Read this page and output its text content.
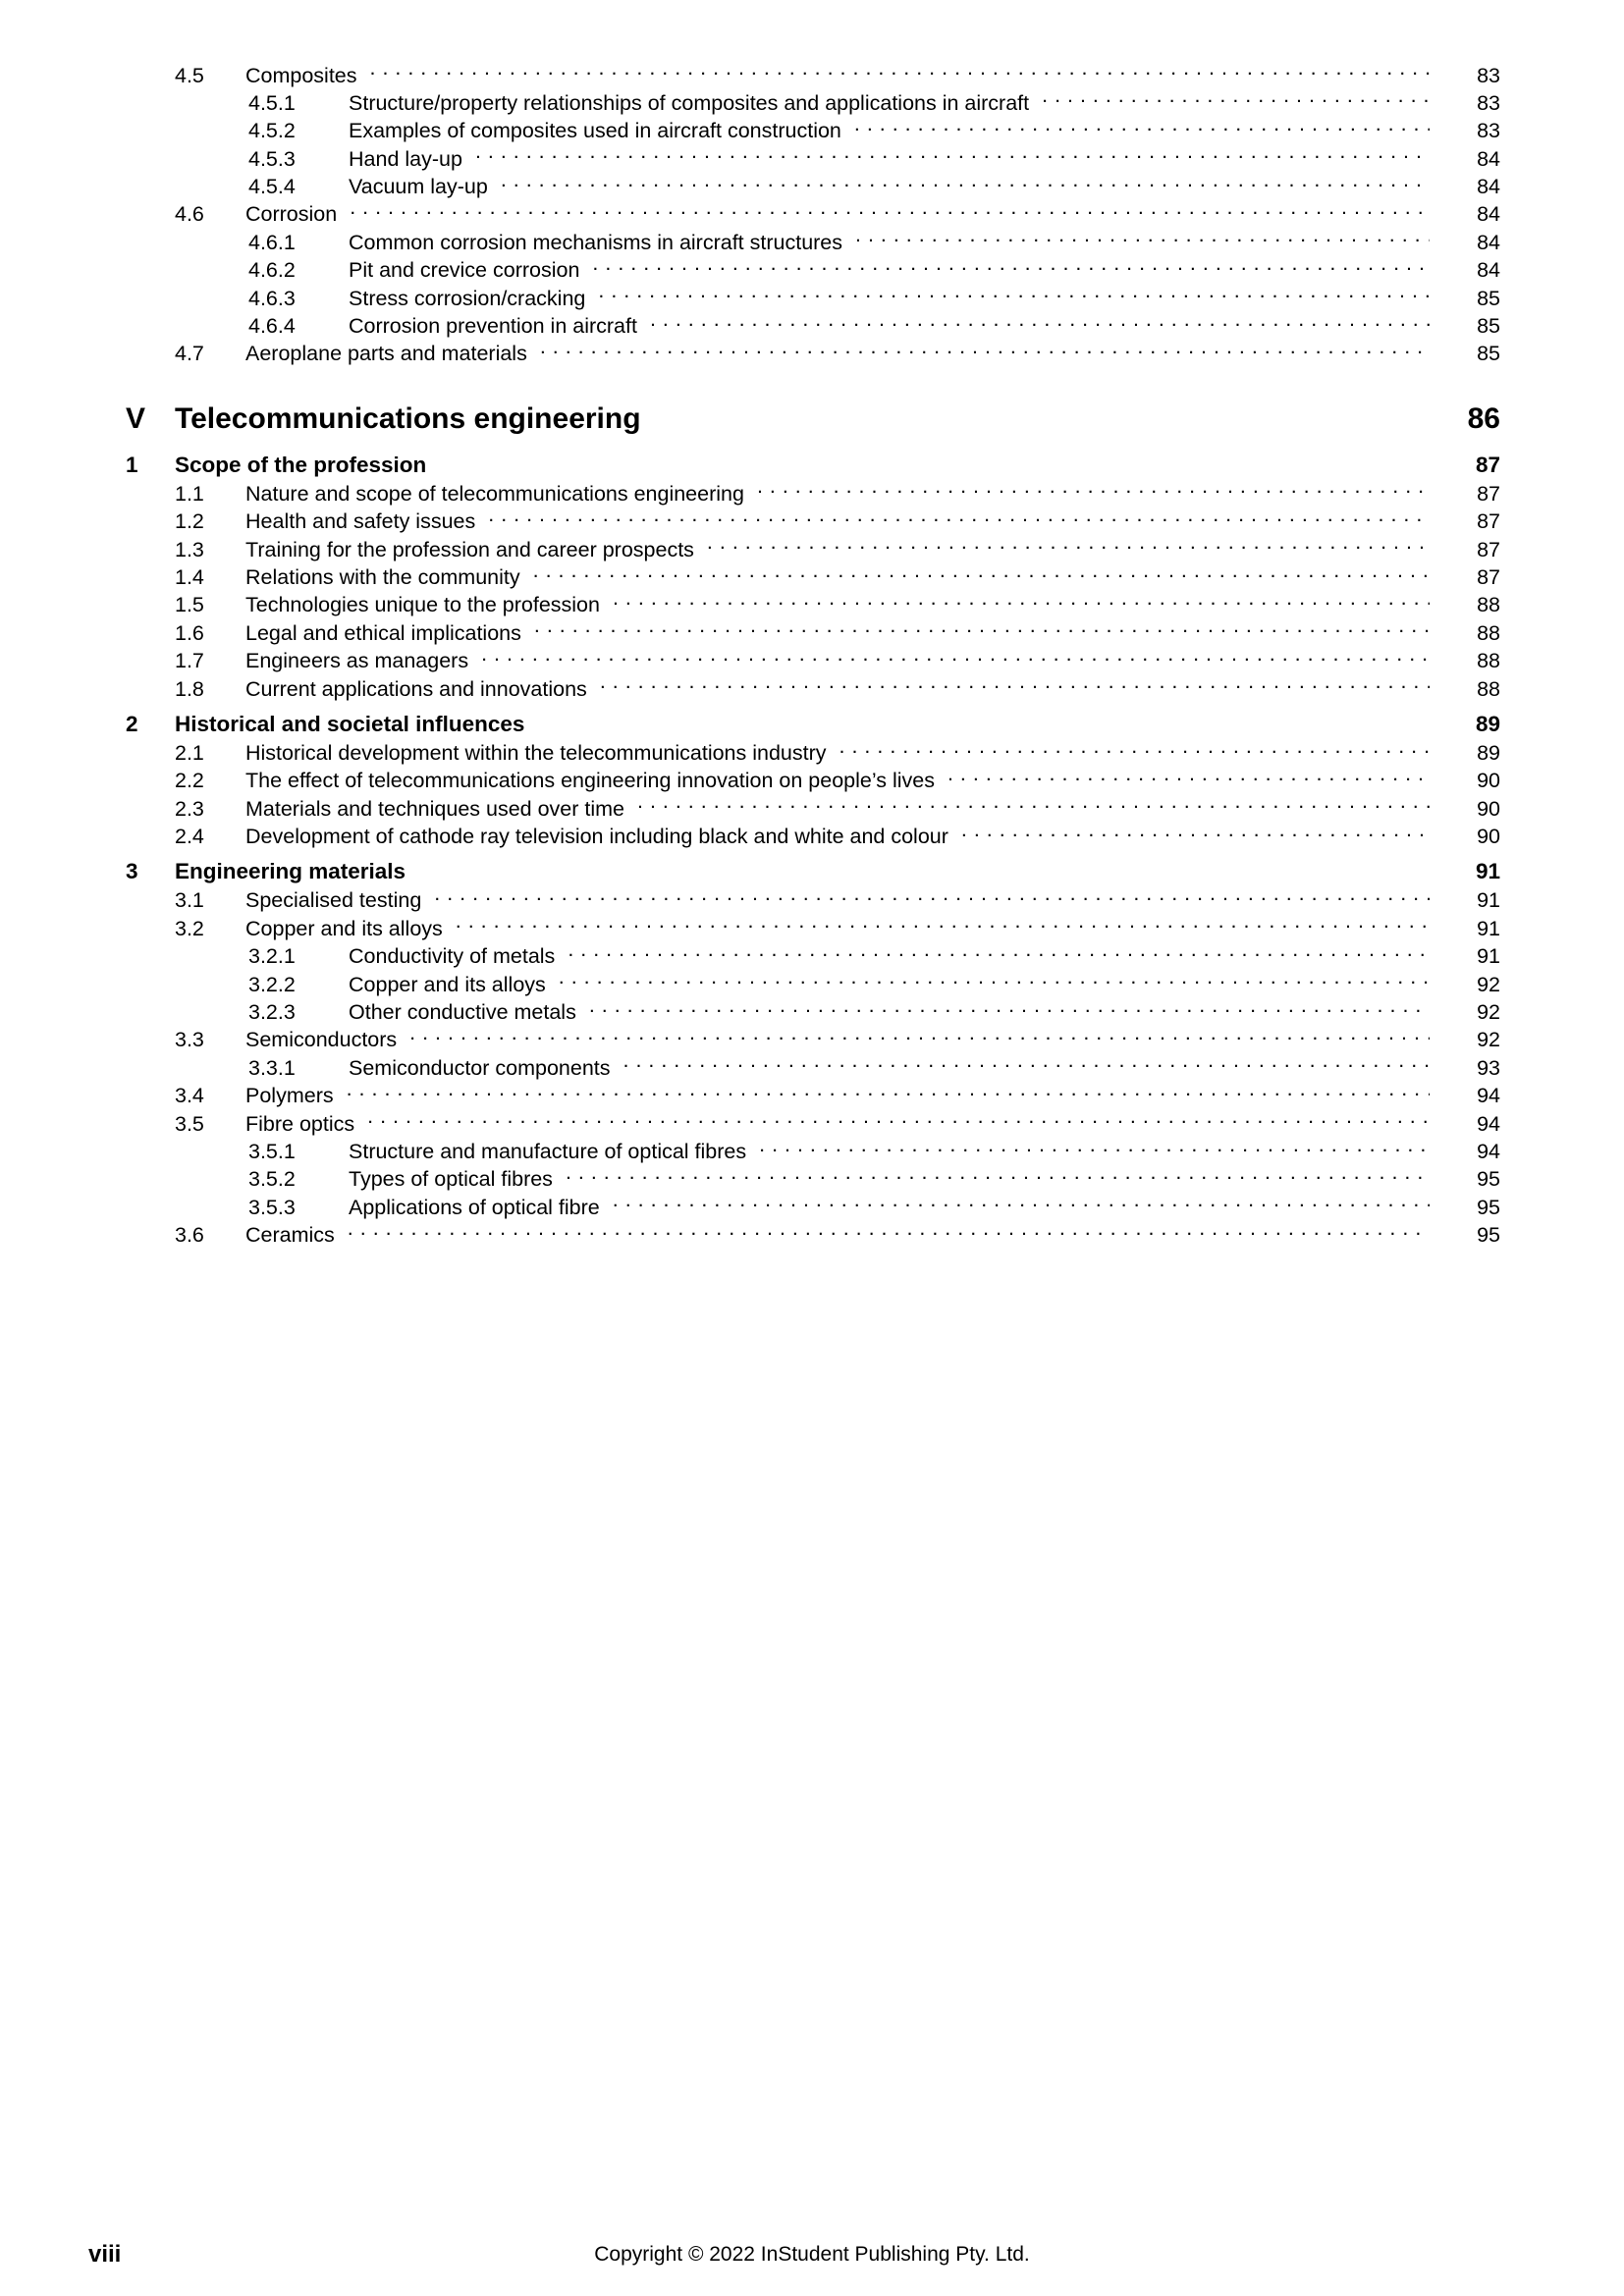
4.5	Composites . . .	83
4.5.1	Structure/property relationships of composites and applications in aircraft . . .	83
4.5.2	Examples of composites used in aircraft construction . . .	83
4.5.3	Hand lay-up . . .	84
4.5.4	Vacuum lay-up . . .	84
4.6	Corrosion . . .	84
4.6.1	Common corrosion mechanisms in aircraft structures . . .	84
4.6.2	Pit and crevice corrosion . . .	84
4.6.3	Stress corrosion/cracking . . .	85
4.6.4	Corrosion prevention in aircraft . . .	85
4.7	Aeroplane parts and materials . . .	85
V Telecommunications engineering	86
1	Scope of the profession	87
1.1	Nature and scope of telecommunications engineering . . .	87
1.2	Health and safety issues . . .	87
1.3	Training for the profession and career prospects . . .	87
1.4	Relations with the community . . .	87
1.5	Technologies unique to the profession . . .	88
1.6	Legal and ethical implications . . .	88
1.7	Engineers as managers . . .	88
1.8	Current applications and innovations . . .	88
2	Historical and societal influences	89
2.1	Historical development within the telecommunications industry . . .	89
2.2	The effect of telecommunications engineering innovation on people’s lives . . .	90
2.3	Materials and techniques used over time . . .	90
2.4	Development of cathode ray television including black and white and colour . . .	90
3	Engineering materials	91
3.1	Specialised testing . . .	91
3.2	Copper and its alloys . . .	91
3.2.1	Conductivity of metals . . .	91
3.2.2	Copper and its alloys . . .	92
3.2.3	Other conductive metals . . .	92
3.3	Semiconductors . . .	92
3.3.1	Semiconductor components . . .	93
3.4	Polymers . . .	94
3.5	Fibre optics . . .	94
3.5.1	Structure and manufacture of optical fibres . . .	94
3.5.2	Types of optical fibres . . .	95
3.5.3	Applications of optical fibre . . .	95
3.6	Ceramics . . .	95
viii	Copyright © 2022 InStudent Publishing Pty. Ltd.
